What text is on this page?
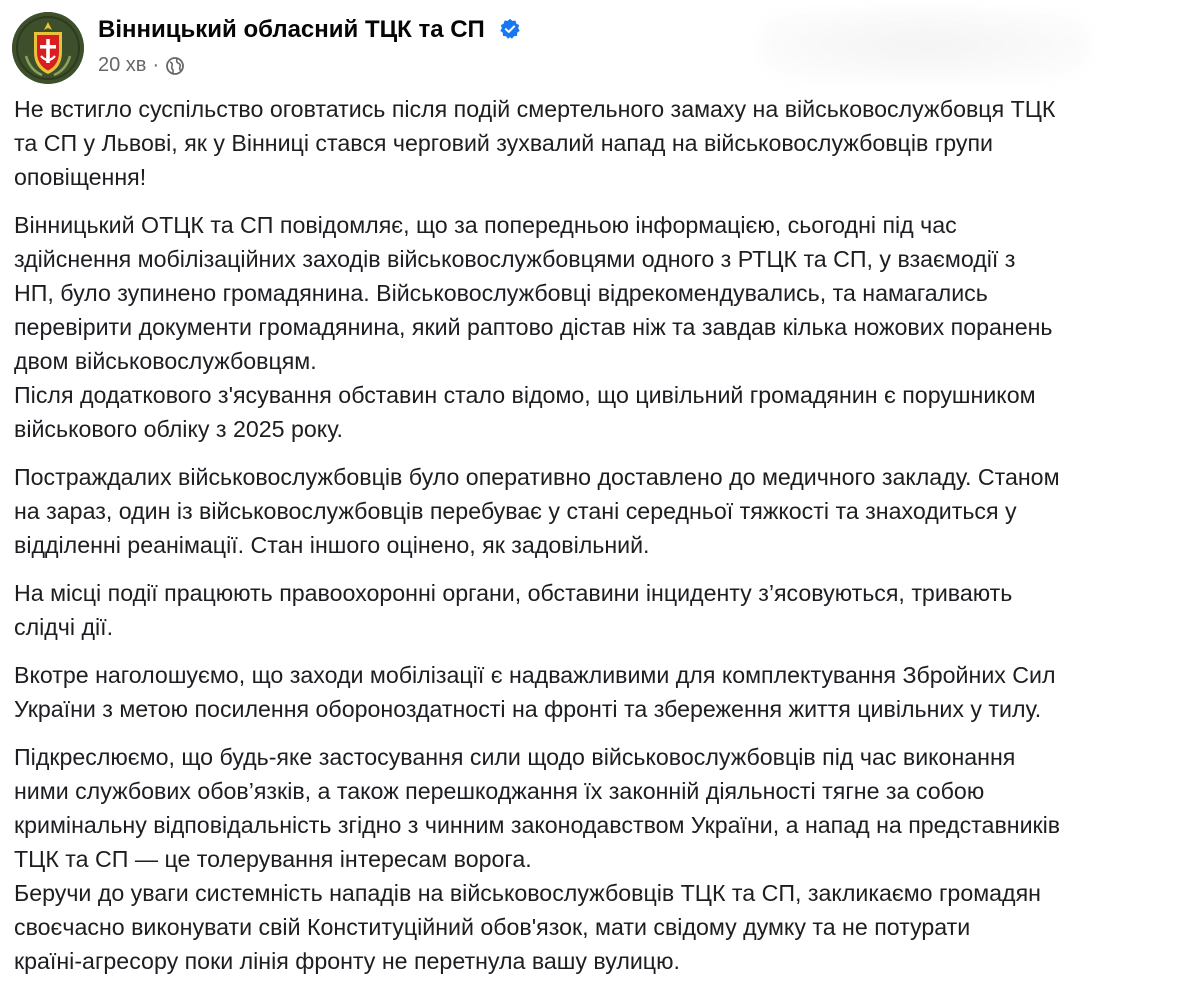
Вінницький обласний ТЦК та СП
20 хв ·
Не встигло суспільство оговтатись після подій смертельного замаху на військовослужбовця ТЦК
та СП у Львові, як у Вінниці стався черговий зухвалий напад на військовослужбовців групи
оповіщення!
Вінницький ОТЦК та СП повідомляє, що за попередньою інформацією, сьогодні під час
здійснення мобілізаційних заходів військовослужбовцями одного з РТЦК та СП, у взаємодії з
НП, було зупинено громадянина. Військовослужбовці відрекомендувались, та намагались
перевірити документи громадянина, який раптово дістав ніж та завдав кілька ножових поранень
двом військовослужбовцям.
Після додаткового з'ясування обставин стало відомо, що цивільний громадянин є порушником
військового обліку з 2025 року.
Постраждалих військовослужбовців було оперативно доставлено до медичного закладу. Станом
на зараз, один із військовослужбовців перебуває у стані середньої тяжкості та знаходиться у
відділенні реанімації. Стан іншого оцінено, як задовільний.
На місці події працюють правоохоронні органи, обставини інциденту з’ясовуються, тривають
слідчі дії.
Вкотре наголошуємо, що заходи мобілізації є надважливими для комплектування Збройних Сил
України з метою посилення обороноздатності на фронті та збереження життя цивільних у тилу.
Підкреслюємо, що будь-яке застосування сили щодо військовослужбовців під час виконання
ними службових обов’язків, а також перешкоджання їх законній діяльності тягне за собою
кримінальну відповідальність згідно з чинним законодавством України, а напад на представників
ТЦК та СП — це толерування інтересам ворога.
Беручи до уваги системність нападів на військовослужбовців ТЦК та СП, закликаємо громадян
своєчасно виконувати свій Конституційний обов'язок, мати свідому думку та не потурати
країні-агресору поки лінія фронту не перетнула вашу вулицю.
